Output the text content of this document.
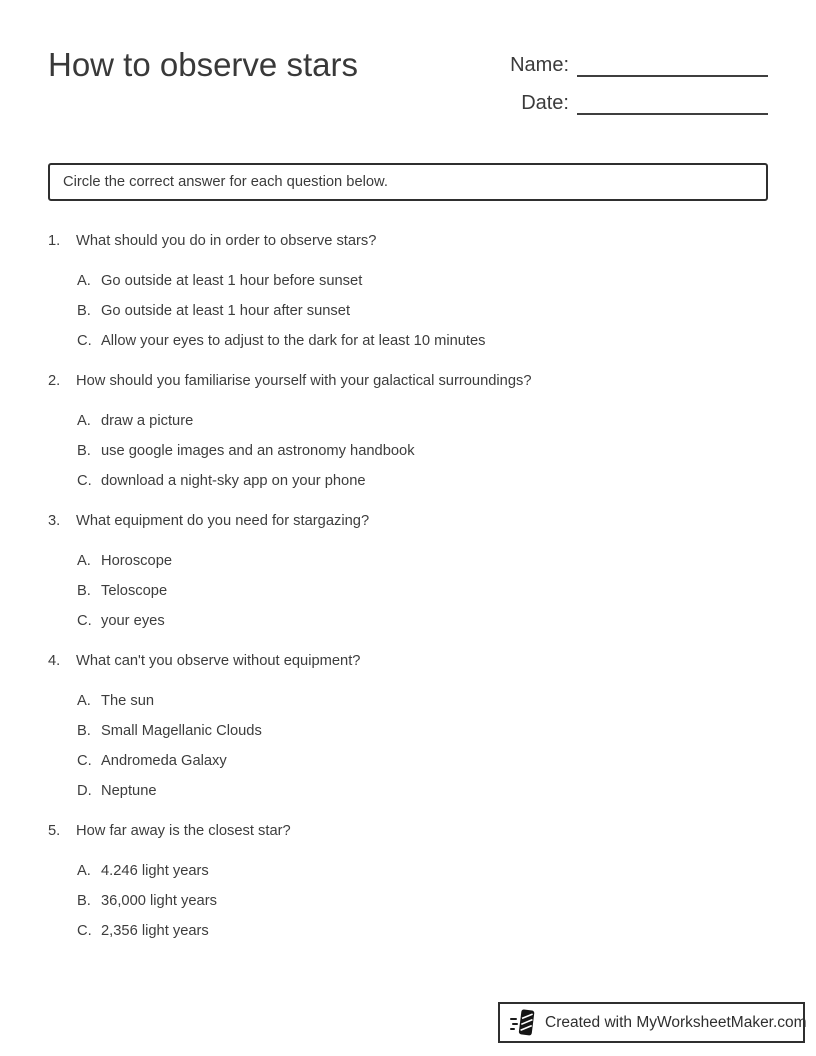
How to observe stars	Name:
Date:
Circle the correct answer for each question below.
1.	What should you do in order to observe stars?
A. Go outside at least 1 hour before sunset
B. Go outside at least 1 hour after sunset
C. Allow your eyes to adjust to the dark for at least 10 minutes
2.	How should you familiarise yourself with your galactical surroundings?
A. draw a picture
B. use google images and an astronomy handbook
C. download a night-sky app on your phone
3.	What equipment do you need for stargazing?
A. Horoscope
B. Teloscope
C. your eyes
4.	What can't you observe without equipment?
A. The sun
B. Small Magellanic Clouds
C. Andromeda Galaxy
D. Neptune
5.	How far away is the closest star?
A. 4.246 light years
B. 36,000 light years
C. 2,356 light years
Created with MyWorksheetMaker.com
